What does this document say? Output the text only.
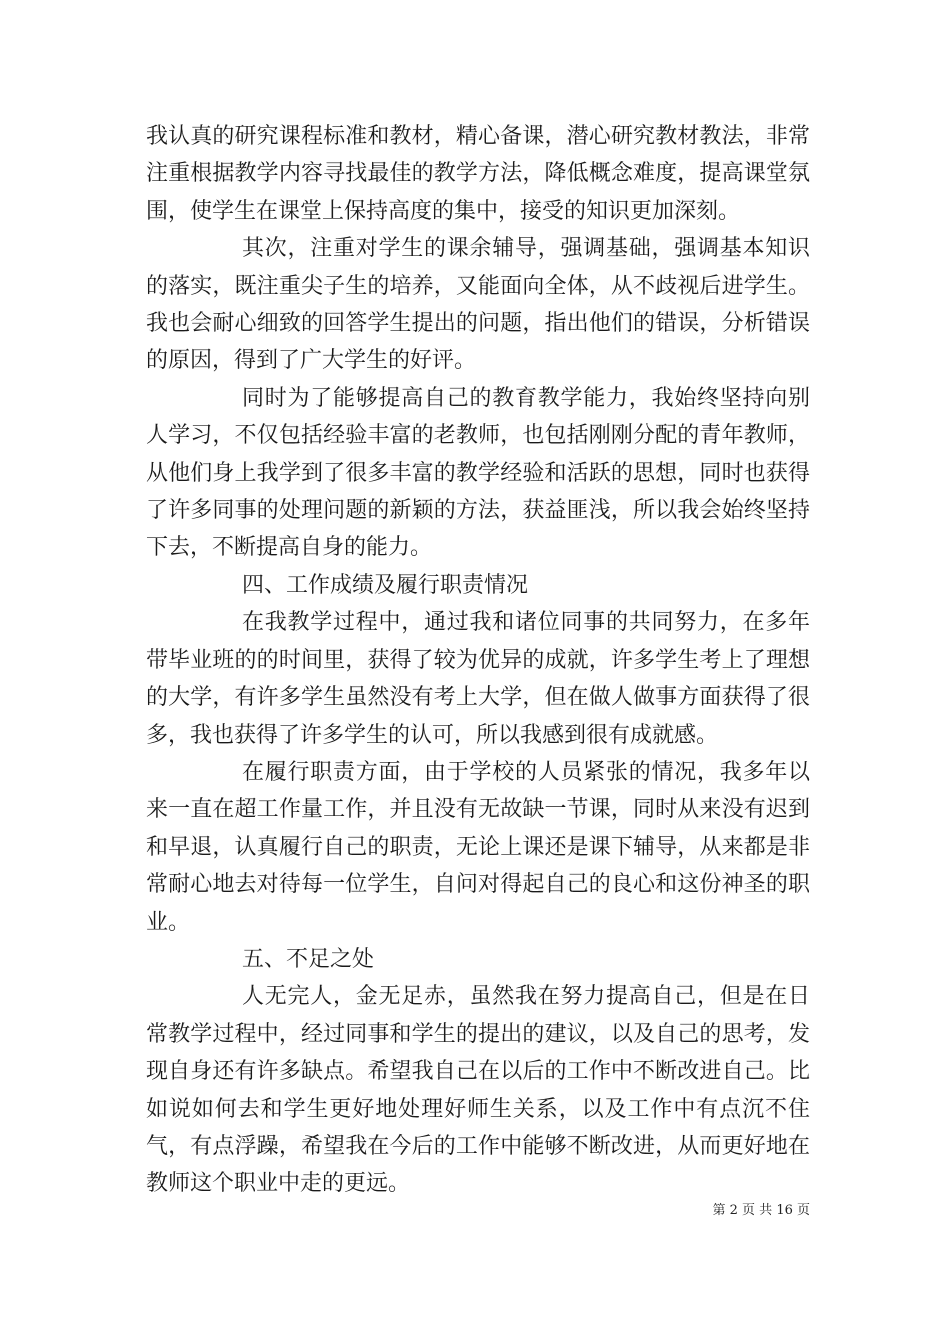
我认真的研究课程标准和教材，精心备课，潜心研究教材教法，非常注重根据教学内容寻找最佳的教学方法，降低概念难度，提高课堂氛围，使学生在课堂上保持高度的集中，接受的知识更加深刻。

其次，注重对学生的课余辅导，强调基础，强调基本知识的落实，既注重尖子生的培养，又能面向全体，从不歧视后进学生。我也会耐心细致的回答学生提出的问题，指出他们的错误，分析错误的原因，得到了广大学生的好评。

同时为了能够提高自己的教育教学能力，我始终坚持向别人学习，不仅包括经验丰富的老教师，也包括刚刚分配的青年教师，从他们身上我学到了很多丰富的教学经验和活跃的思想，同时也获得了许多同事的处理问题的新颖的方法，获益匪浅，所以我会始终坚持下去，不断提高自身的能力。

四、工作成绩及履行职责情况

在我教学过程中，通过我和诸位同事的共同努力，在多年带毕业班的的时间里，获得了较为优异的成就，许多学生考上了理想的大学，有许多学生虽然没有考上大学，但在做人做事方面获得了很多，我也获得了许多学生的认可，所以我感到很有成就感。

在履行职责方面，由于学校的人员紧张的情况，我多年以来一直在超工作量工作，并且没有无故缺一节课，同时从来没有迟到和早退，认真履行自己的职责，无论上课还是课下辅导，从来都是非常耐心地去对待每一位学生，自问对得起自己的良心和这份神圣的职业。

五、不足之处

人无完人，金无足赤，虽然我在努力提高自己，但是在日常教学过程中，经过同事和学生的提出的建议，以及自己的思考，发现自身还有许多缺点。希望我自己在以后的工作中不断改进自己。比如说如何去和学生更好地处理好师生关系，以及工作中有点沉不住气，有点浮躁，希望我在今后的工作中能够不断改进，从而更好地在教师这个职业中走的更远。

第 2 页 共 16 页
